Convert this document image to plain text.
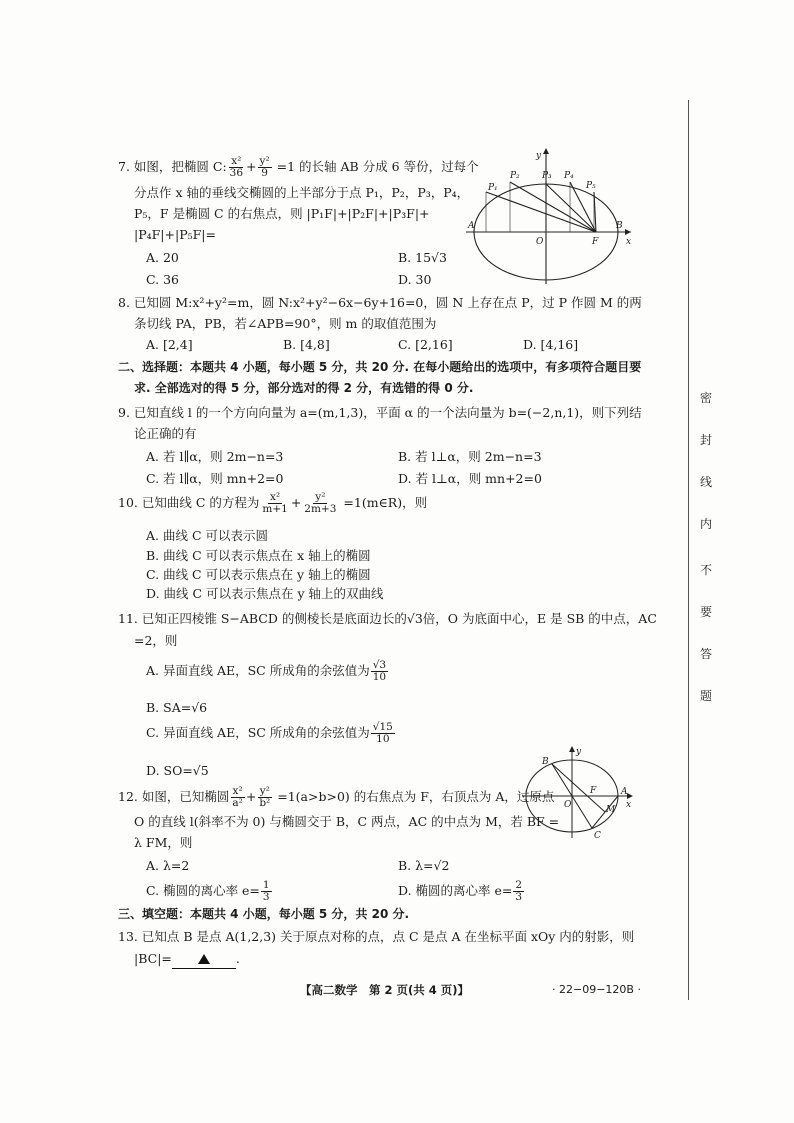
密
封
线
内
不
要
答
题
7. 如图，把椭圆 C: $\frac{\text{x²}}{36} + \frac{\text{y²}}{9} =1$ 的长轴 AB 分成 6 等份，过每个
分点作 x 轴的垂线交椭圆的上半部分于点 P₁，P₂，P₃，P₄，
P₅，F 是椭圆 C 的右焦点，则 |P₁F|+|P₂F|+|P₃F|+
|P₄F|+|P₅F|=
A. 20	B. 15√3
C. 36	D. 30
y
x
O
A	B
F
P₁
P₂ P₃ P₄
P₅
8. 已知圆 M:x²+y²=m，圆 N:x²+y²−6x−6y+16=0，圆 N 上存在点 P，过 P 作圆 M 的两
条切线 PA，PB，若∠APB=90°，则 m 的取值范围为
A. [2,4]	B. [4,8]	C. [2,16]	D. [4,16]
二、选择题：本题共 4 小题，每小题 5 分，共 20 分. 在每小题给出的选项中，有多项符合题目要
求. 全部选对的得 5 分，部分选对的得 2 分，有选错的得 0 分.
9. 已知直线 l 的一个方向向量为 a=(m,1,3)，平面 α 的一个法向量为 b=(−2,n,1)，则下列结
论正确的有
A. 若 l∥α，则 2m−n=3	B. 若 l⊥α，则 2m−n=3
C. 若 l∥α，则 mn+2=0	D. 若 l⊥α，则 mn+2=0
10. 已知曲线 C 的方程为 $\frac{\text{x²}}{m+1} + \frac{\text{y²}}{2m+3}$ =1(m∈R)，则
A. 曲线 C 可以表示圆
B. 曲线 C 可以表示焦点在 x 轴上的椭圆
C. 曲线 C 可以表示焦点在 y 轴上的椭圆
D. 曲线 C 可以表示焦点在 y 轴上的双曲线
11. 已知正四棱锥 S−ABCD 的侧棱长是底面边长的√3倍，O 为底面中心，E 是 SB 的中点，AC
=2，则
A. 异面直线 AE，SC 所成角的余弦值为 $\frac{√3}{10}$
B. SA=√6
C. 异面直线 AE，SC 所成角的余弦值为 $\frac{√15}{10}$
D. SO=√5
12. 如图，已知椭圆 $\frac{\text{x²}}{\text{a²}} + \frac{\text{y²}}{\text{b²}} =1(a>b>0)$ 的右焦点为 F，右顶点为 A，过原点
O 的直线 l(斜率不为 0) 与椭圆交于 B，C 两点，AC 的中点为 M，若 BF =
λ FM，则
A. λ=2	B. λ=√2
C. 椭圆的离心率 $e= \frac{1}{3}$	D. 椭圆的离心率 $e= \frac{2}{3}$
y
x
O
A
B
C
F
M
三、填空题：本题共 4 小题，每小题 5 分，共 20 分.
13. 已知点 B 是点 A(1,2,3) 关于原点对称的点，点 C 是点 A 在坐标平面 xOy 内的射影，则
|BC|=	.
【高二数学　第 2 页(共 4 页)】	· 22−09−120B ·
